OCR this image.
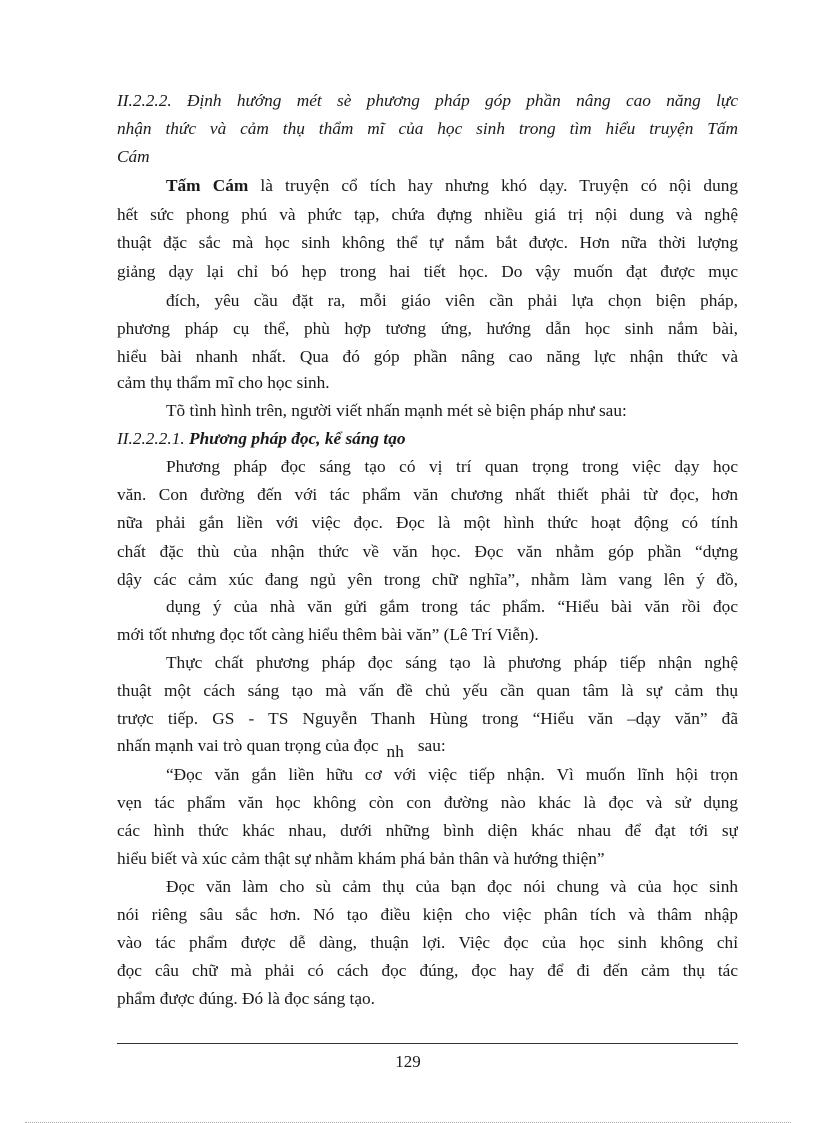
II.2.2.2. Định hướng mét sè phương pháp góp phần nâng cao năng lực
nhận thức và cảm thụ thẩm mĩ của học sinh trong tìm hiểu truyện Tấm
Cám
Tấm Cám là truyện cổ tích hay nhưng khó dạy. Truyện có nội dung
hết sức phong phú và phức tạp, chứa đựng nhiều giá trị nội dung và nghệ
thuật đặc sắc mà học sinh không thể tự nắm bắt được. Hơn nữa thời lượng
giảng dạy lại chỉ bó hẹp trong hai tiết học. Do vậy muốn đạt được mục
đích, yêu cầu đặt ra, mỗi giáo viên cần phải lựa chọn biện pháp,
phương pháp cụ thể, phù hợp tương ứng, hướng dẫn học sinh nắm bài,
hiểu bài nhanh nhất. Qua đó góp phần nâng cao năng lực nhận thức và
cảm thụ thẩm mĩ cho học sinh.
Tõ tình hình trên, người viết nhấn mạnh mét sè biện pháp như sau:
II.2.2.2.1. Phương pháp đọc, kể sáng tạo
Phương pháp đọc sáng tạo có vị trí quan trọng trong việc dạy học
văn. Con đường đến với tác phẩm văn chương nhất thiết phải từ đọc, hơn
nữa phải gắn liền với việc đọc. Đọc là một hình thức hoạt động có tính
chất đặc thù của nhận thức về văn học. Đọc văn nhằm góp phần “dựng
dậy các cảm xúc đang ngủ yên trong chữ nghĩa”, nhằm làm vang lên ý đồ,
dụng ý của nhà văn gửi gắm trong tác phẩm. “Hiểu bài văn rồi đọc
mới tốt nhưng đọc tốt càng hiểu thêm bài văn” (Lê Trí Viễn).
Thực chất phương pháp đọc sáng tạo là phương pháp tiếp nhận nghệ
thuật một cách sáng tạo mà vấn đề chủ yếu cần quan tâm là sự cảm thụ
trược tiếp. GS - TS Nguyễn Thanh Hùng trong “Hiểu văn –dạy văn” đã
nhấn mạnh vai trò quan trọng của đọc nh sau:
“Đọc văn gắn liền hữu cơ với việc tiếp nhận. Vì muốn lĩnh hội trọn
vẹn tác phẩm văn học không còn con đường nào khác là đọc và sử dụng
các hình thức khác nhau, dưới những bình diện khác nhau để đạt tới sự
hiểu biết và xúc cảm thật sự nhằm khám phá bản thân và hướng thiện”
Đọc văn làm cho sù cảm thụ của bạn đọc nói chung và của học sinh
nói riêng sâu sắc hơn. Nó tạo điều kiện cho việc phân tích và thâm nhập
vào tác phẩm được dễ dàng, thuận lợi. Việc đọc của học sinh không chỉ
đọc câu chữ mà phải có cách đọc đúng, đọc hay để đi đến cảm thụ tác
phẩm được đúng. Đó là đọc sáng tạo.
129
